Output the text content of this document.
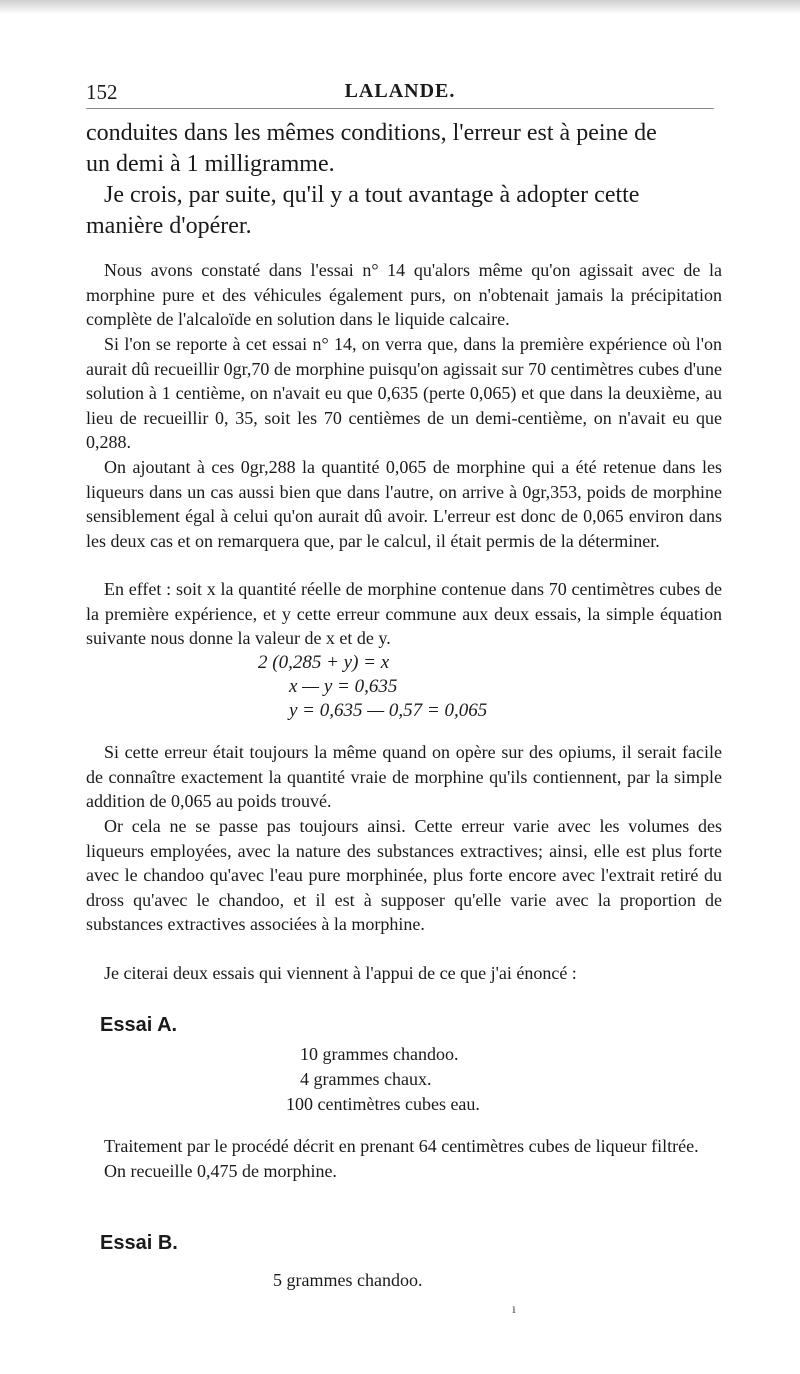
152	LALANDE.

conduites dans les mêmes conditions, l'erreur est à peine de

un demi à 1 milligramme.

Je crois, par suite, qu'il y a tout avantage à adopter cette

manière d'opérer.

Nous avons constaté dans l'essai n° 14 qu'alors même qu'on agissait avec de la morphine pure et des véhicules également purs, on n'obtenait jamais la précipitation complète de l'alcaloïde en solution dans le liquide calcaire.

Si l'on se reporte à cet essai n° 14, on verra que, dans la première expérience où l'on aurait dû recueillir 0gr,70 de morphine puisqu'on agissait sur 70 centimètres cubes d'une solution à 1 centième, on n'avait eu que 0,635 (perte 0,065) et que dans la deuxième, au lieu de recueillir 0, 35, soit les 70 centièmes de un demi-centième, on n'avait eu que 0,288.

On ajoutant à ces 0gr,288 la quantité 0,065 de morphine qui a été retenue dans les liqueurs dans un cas aussi bien que dans l'autre, on arrive à 0gr,353, poids de morphine sensiblement égal à celui qu'on aurait dû avoir. L'erreur est donc de 0,065 environ dans les deux cas et on remarquera que, par le calcul, il était permis de la déterminer.

En effet : soit x la quantité réelle de morphine contenue dans 70 centimètres cubes de la première expérience, et y cette erreur commune aux deux essais, la simple équation suivante nous donne la valeur de x et de y.

2 (0,285 + y) = x
x — y = 0,635
y = 0,635 — 0,57 = 0,065

Si cette erreur était toujours la même quand on opère sur des opiums, il serait facile de connaître exactement la quantité vraie de morphine qu'ils contiennent, par la simple addition de 0,065 au poids trouvé.

Or cela ne se passe pas toujours ainsi. Cette erreur varie avec les volumes des liqueurs employées, avec la nature des substances extractives; ainsi, elle est plus forte avec le chandoo qu'avec l'eau pure morphinée, plus forte encore avec l'extrait retiré du dross qu'avec le chandoo, et il est à supposer qu'elle varie avec la proportion de substances extractives associées à la morphine.

Je citerai deux essais qui viennent à l'appui de ce que j'ai énoncé :

Essai A.
10 grammes chandoo.
4 grammes chaux.
100 centimètres cubes eau.

Traitement par le procédé décrit en prenant 64 centimètres cubes de liqueur filtrée.

On recueille 0,475 de morphine.

Essai B.
5 grammes chandoo.
ı
